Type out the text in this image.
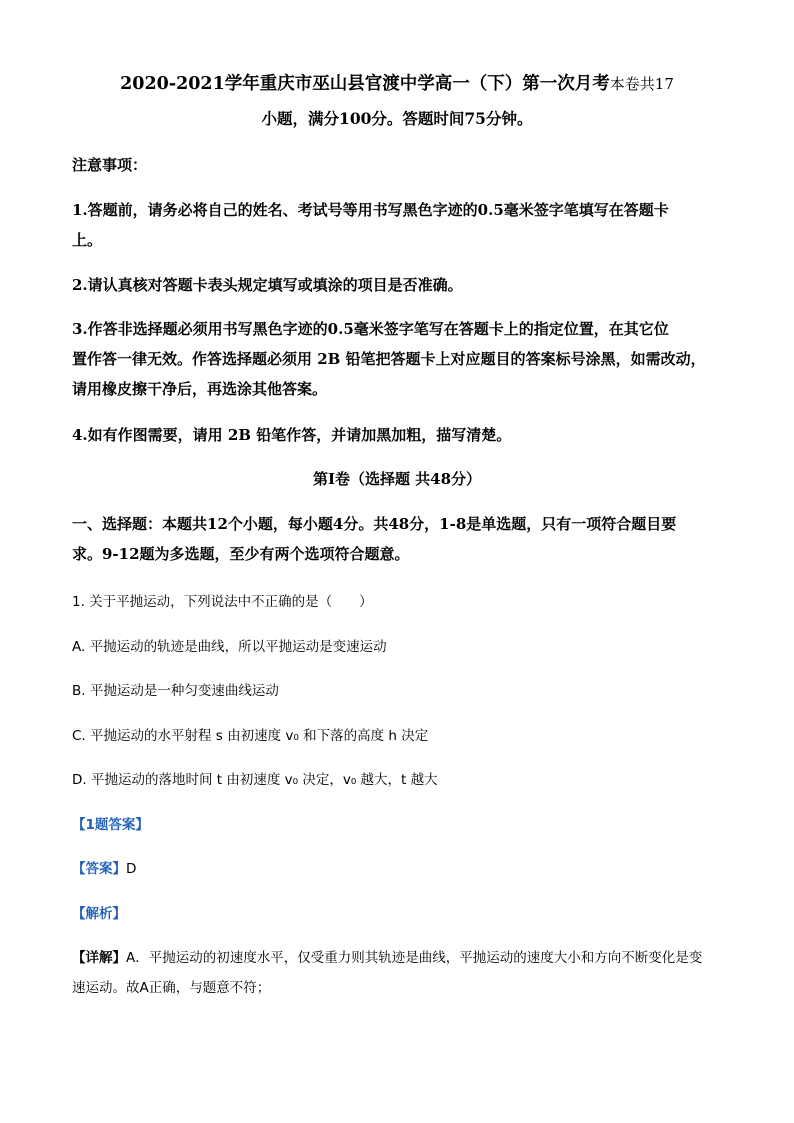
2020-2021学年重庆市巫山县官渡中学高一（下）第一次月考本卷共17
小题，满分100分。答题时间75分钟。
注意事项：
1.答题前，请务必将自己的姓名、考试号等用书写黑色字迹的0.5毫米签字笔填写在答题卡
上。
2.请认真核对答题卡表头规定填写或填涂的项目是否准确。
3.作答非选择题必须用书写黑色字迹的0.5毫米签字笔写在答题卡上的指定位置，在其它位
置作答一律无效。作答选择题必须用 2B 铅笔把答题卡上对应题目的答案标号涂黑，如需改动，
请用橡皮擦干净后，再选涂其他答案。
4.如有作图需要，请用 2B 铅笔作答，并请加黑加粗，描写清楚。
第Ⅰ卷（选择题 共48分）
一、选择题：本题共12个小题，每小题4分。共48分，1-8是单选题，只有一项符合题目要
求。9-12题为多选题，至少有两个选项符合题意。
1. 关于平抛运动，下列说法中不正确的是（　　）
A. 平抛运动的轨迹是曲线，所以平抛运动是变速运动
B. 平抛运动是一种匀变速曲线运动
C. 平抛运动的水平射程 s 由初速度 v₀ 和下落的高度 h 决定
D. 平抛运动的落地时间 t 由初速度 v₀ 决定，v₀ 越大，t 越大
【1题答案】
【答案】D
【解析】
【详解】A．平抛运动的初速度水平，仅受重力则其轨迹是曲线，平抛运动的速度大小和方向不断变化是变
速运动。故A正确，与题意不符；
